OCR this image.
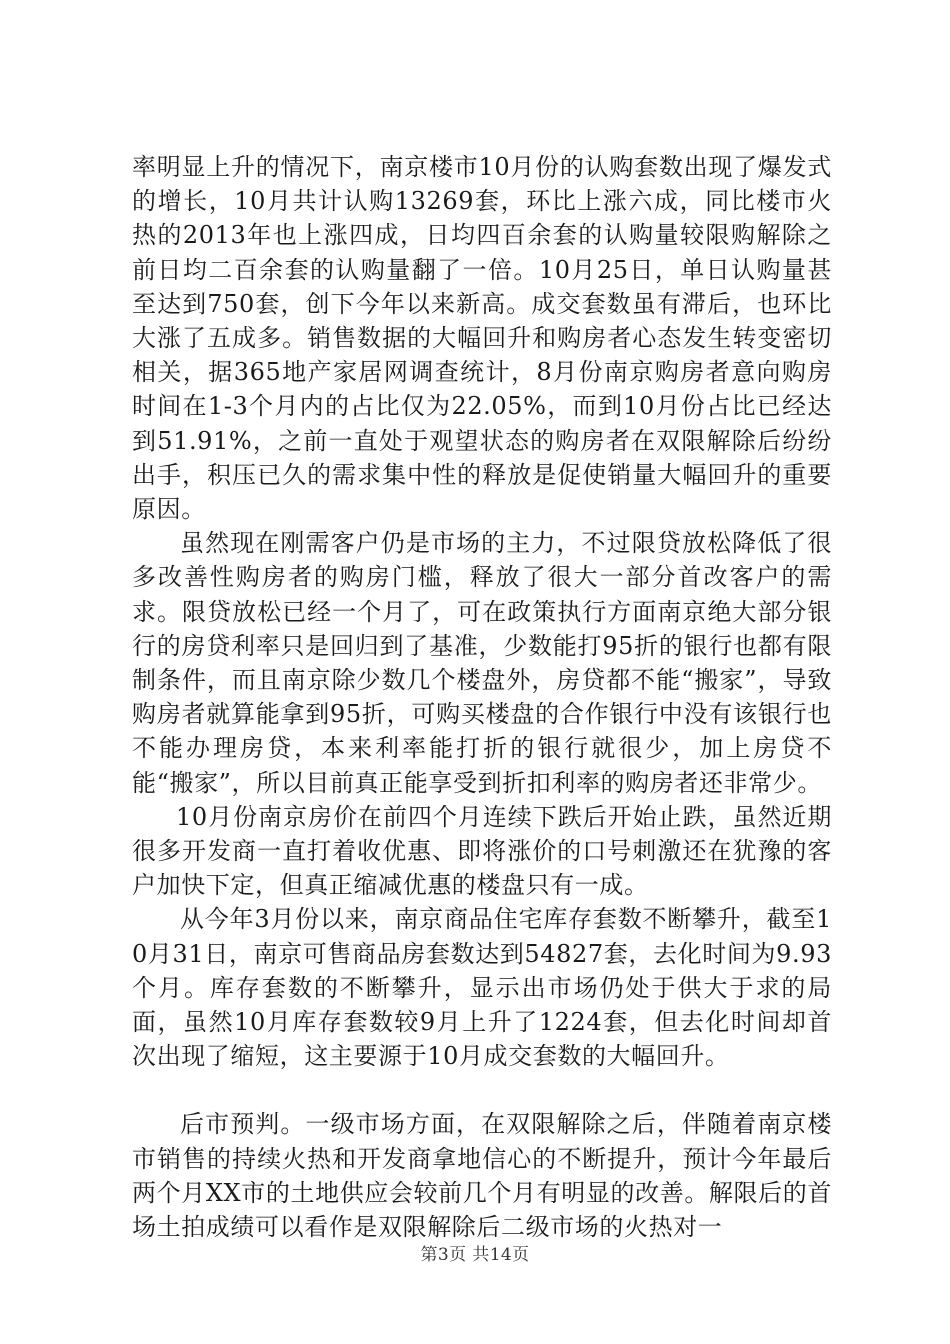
率明显上升的情况下，南京楼市10月份的认购套数出现了爆发式的增长，10月共计认购13269套，环比上涨六成，同比楼市火热的2013年也上涨四成，日均四百余套的认购量较限购解除之前日均二百余套的认购量翻了一倍。10月25日，单日认购量甚至达到750套，创下今年以来新高。成交套数虽有滞后，也环比大涨了五成多。销售数据的大幅回升和购房者心态发生转变密切相关，据365地产家居网调查统计，8月份南京购房者意向购房时间在1-3个月内的占比仅为22.05%，而到10月份占比已经达到51.91%，之前一直处于观望状态的购房者在双限解除后纷纷出手，积压已久的需求集中性的释放是促使销量大幅回升的重要原因。

虽然现在刚需客户仍是市场的主力，不过限贷放松降低了很多改善性购房者的购房门槛，释放了很大一部分首改客户的需求。限贷放松已经一个月了，可在政策执行方面南京绝大部分银行的房贷利率只是回归到了基准，少数能打95折的银行也都有限制条件，而且南京除少数几个楼盘外，房贷都不能“搬家”，导致购房者就算能拿到95折，可购买楼盘的合作银行中没有该银行也不能办理房贷，本来利率能打折的银行就很少，加上房贷不能“搬家”，所以目前真正能享受到折扣利率的购房者还非常少。

10月份南京房价在前四个月连续下跌后开始止跌，虽然近期很多开发商一直打着收优惠、即将涨价的口号刺激还在犹豫的客户加快下定，但真正缩减优惠的楼盘只有一成。

从今年3月份以来，南京商品住宅库存套数不断攀升，截至10月31日，南京可售商品房套数达到54827套，去化时间为9.93个月。库存套数的不断攀升，显示出市场仍处于供大于求的局面，虽然10月库存套数较9月上升了1224套，但去化时间却首次出现了缩短，这主要源于10月成交套数的大幅回升。

后市预判。一级市场方面，在双限解除之后，伴随着南京楼市销售的持续火热和开发商拿地信心的不断提升，预计今年最后两个月XX市的土地供应会较前几个月有明显的改善。解限后的首场土拍成绩可以看作是双限解除后二级市场的火热对一

第3页 共14页
